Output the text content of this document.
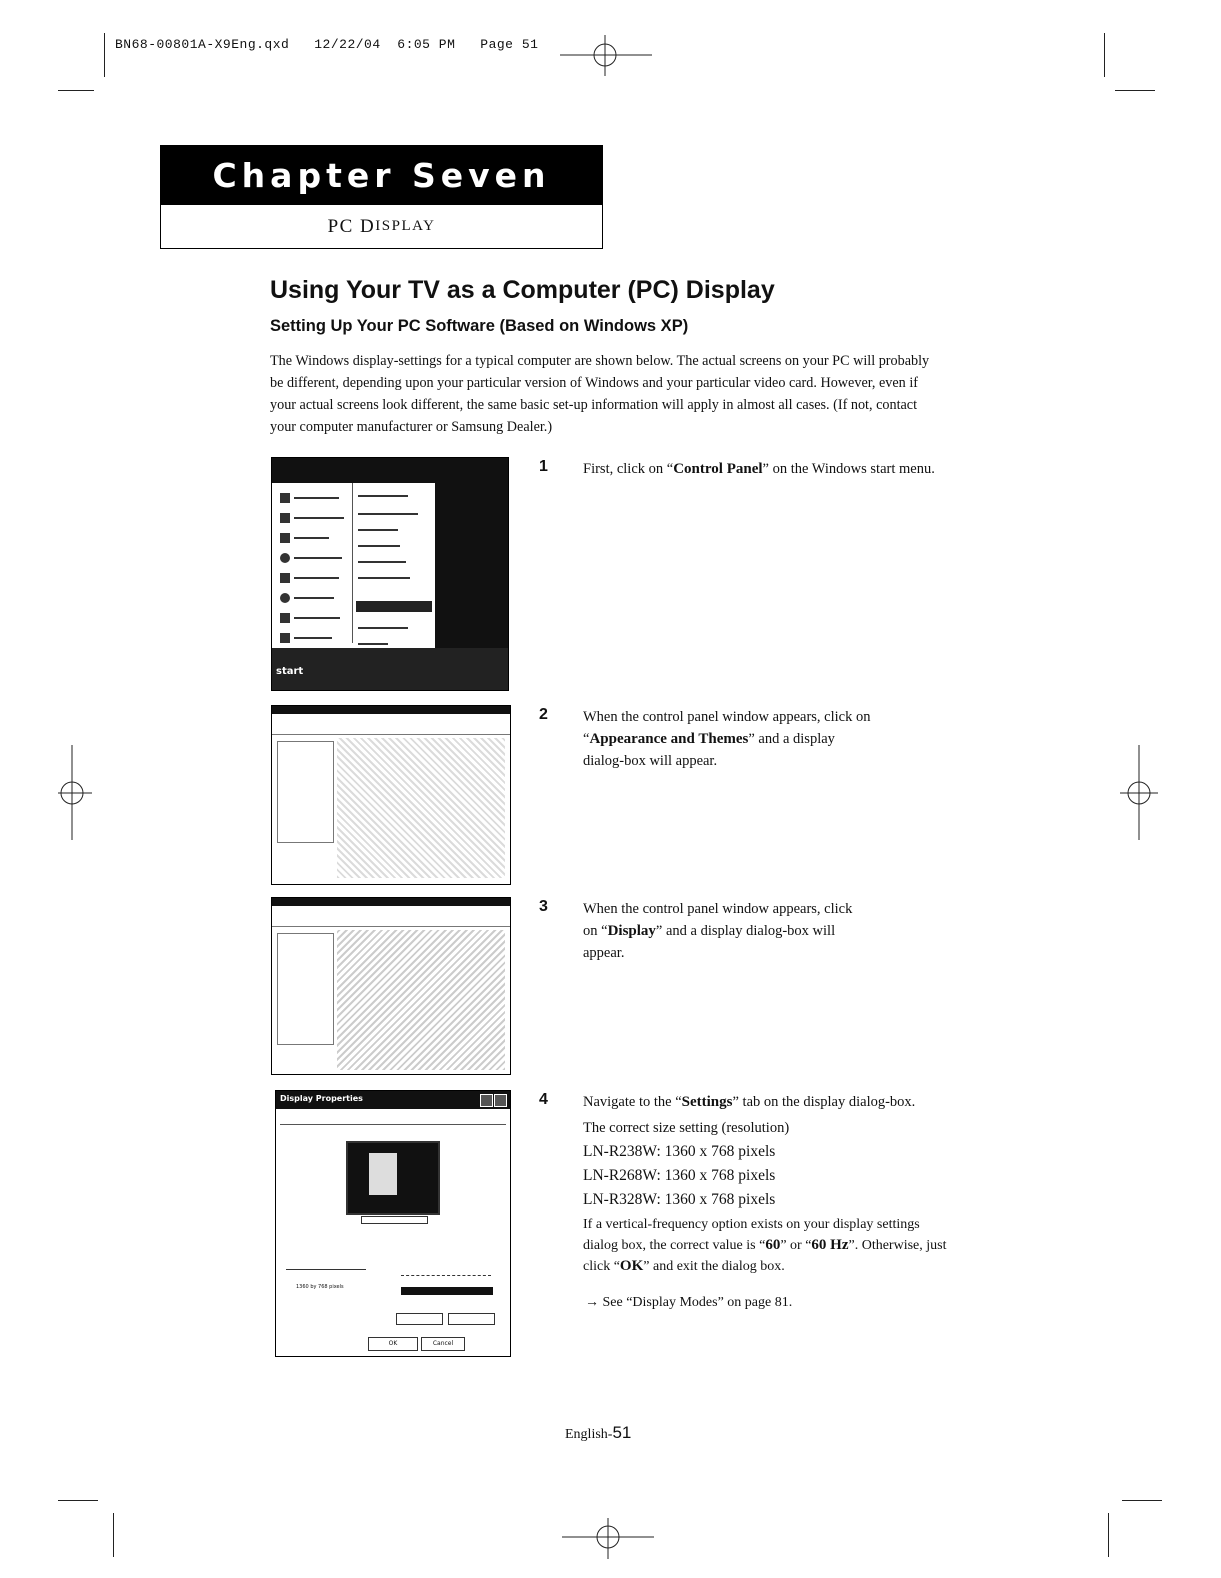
BN68-00801A-X9Eng.qxd 12/22/04 6:05 PM Page 51
Chapter Seven
PC D ISPLAY
Using Your TV as a Computer (PC) Display
Setting Up Your PC Software (Based on Windows XP)
The Windows display-settings for a typical computer are shown below. The actual screens on your PC will probably be different, depending upon your particular version of Windows and your particular video card. However, even if your actual screens look different, the same basic set-up information will apply in almost all cases. (If not, contact your computer manufacturer or Samsung Dealer.)
start
Display Properties
1360 by 768 pixels
OK	Cancel
1 First, click on “Control Panel” on the Windows start menu.
2 When the control panel window appears, click on “Appearance and Themes” and a display dialog-box will appear.
3 When the control panel window appears, click on “Display” and a display dialog-box will appear.
4 Navigate to the “Settings” tab on the display dialog-box.
The correct size setting (resolution)
LN-R238W: 1360 x 768 pixels
LN-R268W: 1360 x 768 pixels
LN-R328W: 1360 x 768 pixels
If a vertical-frequency option exists on your display settings dialog box, the correct value is “60” or “60 Hz”. Otherwise, just click “OK” and exit the dialog box.
→ See “Display Modes” on page 81.
English-51
